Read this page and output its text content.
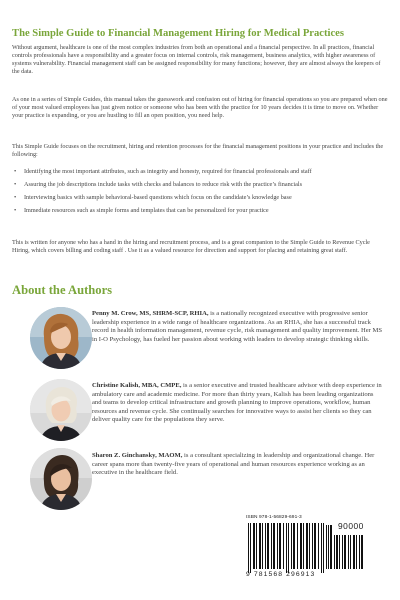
The Simple Guide to Financial Management Hiring for Medical Practices

Without argument, healthcare is one of the most complex industries from both an operational and a financial perspective. In all practices, financial controls professionals have a responsibility and a greater focus on internal controls, risk management, business analytics, with higher awareness of systems vulnerability. Financial management staff can be assigned responsibility for many functions; however, they are almost always the keepers of the data.

As one in a series of Simple Guides, this manual takes the guesswork and confusion out of hiring for financial operations so you are prepared when one of your most valued employees has just given notice or someone who has been with the practice for 10 years decides it is time to move on. Whether your practice is expanding, or you are hustling to fill an open position, you need help.

This Simple Guide focuses on the recruitment, hiring and retention processes for the financial management positions in your practice and includes the following:

• Identifying the most important attributes, such as integrity and honesty, required for financial professionals and staff
• Assuring the job descriptions include tasks with checks and balances to reduce risk with the practice’s financials
• Interviewing basics with sample behavioral-based questions which focus on the candidate’s knowledge base
• Immediate resources such as simple forms and templates that can be personalized for your practice

This is written for anyone who has a hand in the hiring and recruitment process, and is a great companion to the Simple Guide to Revenue Cycle Hiring, which covers billing and coding staff . Use it as a valued resource for direction and support for placing and retaining great staff.

About the Authors

Penny M. Crow, MS, SHRM-SCP, RHIA, is a nationally recognized executive with progressive senior leadership experience in a wide range of healthcare organizations. As an RHIA, she has a successful track record in health information management, revenue cycle, risk management and quality improvement. Her MS in I-O Psychology, has fueled her passion about working with leaders to develop strategic thinking skills.

Christine Kalish, MBA, CMPE, is a senior executive and trusted healthcare advisor with deep experience in ambulatory care and academic medicine. For more than thirty years, Kalish has been leading organizations and teams to develop critical infrastructure and growth planning to improve operations, workflow, human resources and revenue cycle. She continually searches for innovative ways to assist her clients so they can deliver quality care for the populations they serve.

Sharon Z. Ginchansky, MAOM, is a consultant specializing in leadership and organizational change. Her career spans more than twenty-five years of operational and human resources experience working as an executive in the healthcare field.

ISBN 978-1-56829-691-3
90000
9 781568 296913
